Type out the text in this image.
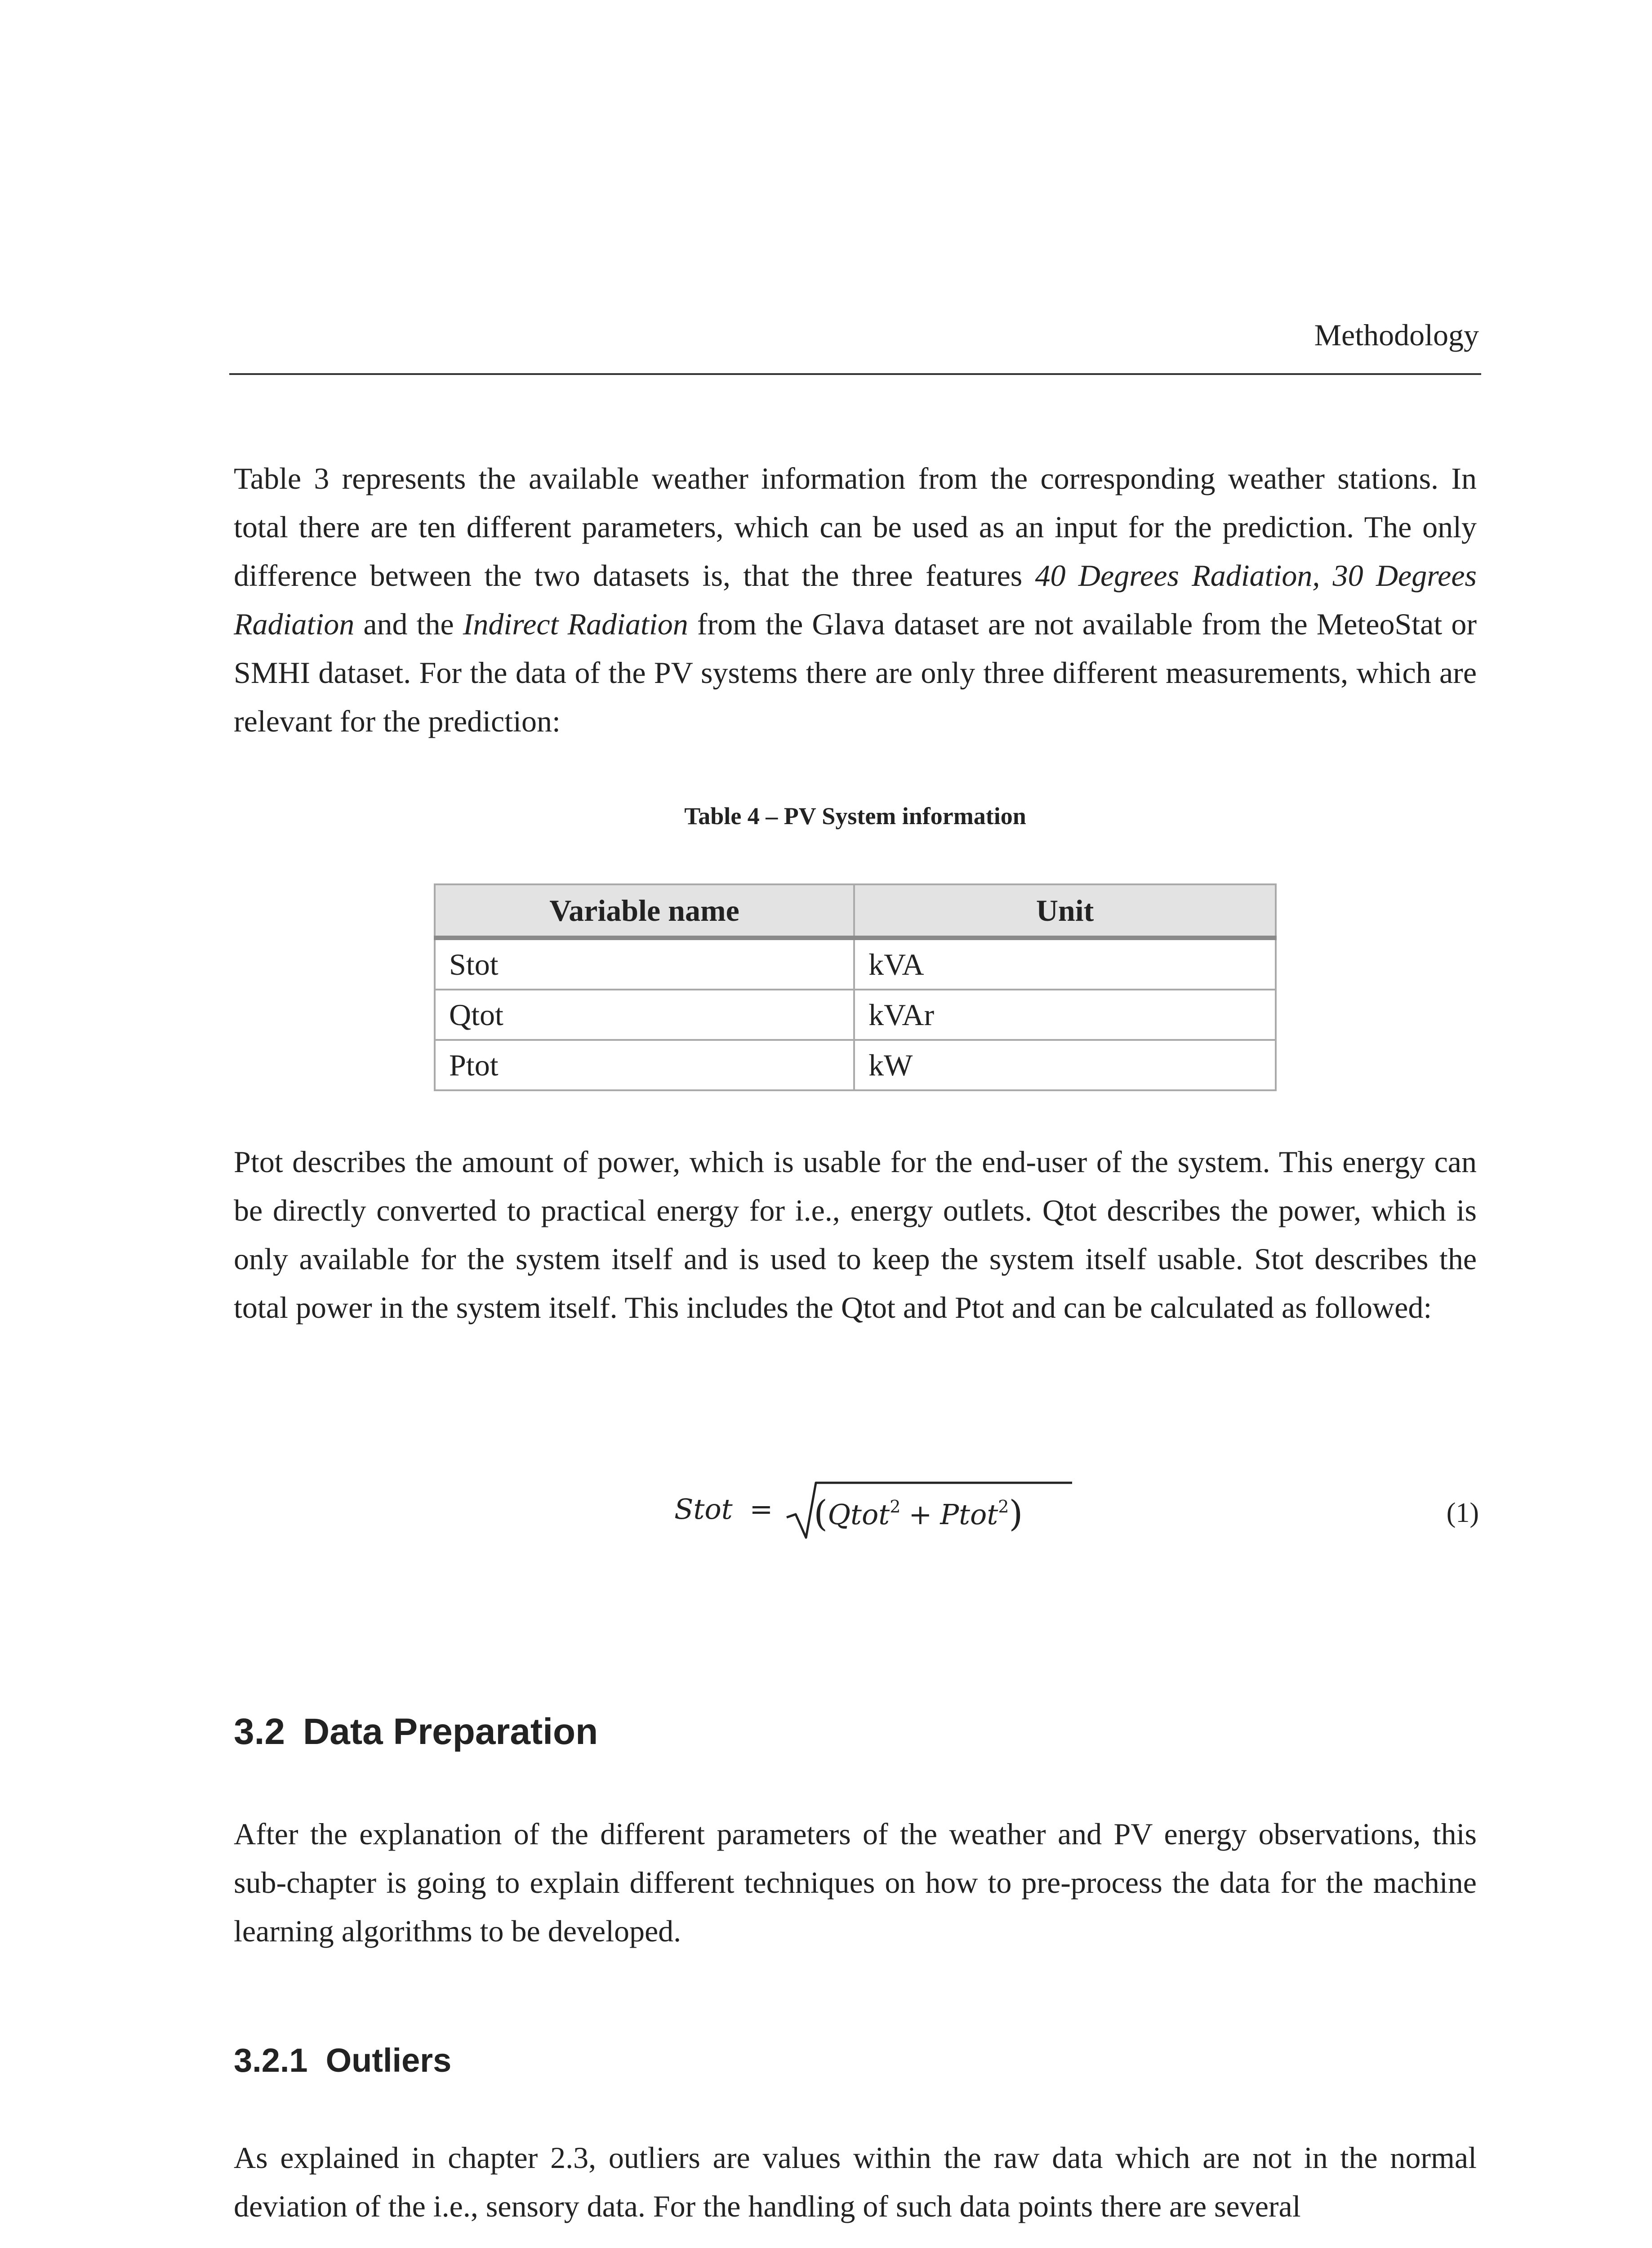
Methodology

Table 3 represents the available weather information from the corresponding weather stations. In total there are ten different parameters, which can be used as an input for the prediction. The only difference between the two datasets is, that the three features 40 Degrees Radiation, 30 Degrees Radiation and the Indirect Radiation from the Glava dataset are not available from the MeteoStat or SMHI dataset. For the data of the PV systems there are only three different measurements, which are relevant for the prediction:

Table 4 – PV System information
Variable name	Unit
Stot	kVA
Qtot	kVAr
Ptot	kW

Ptot describes the amount of power, which is usable for the end-user of the system. This energy can be directly converted to practical energy for i.e., energy outlets. Qtot describes the power, which is only available for the system itself and is used to keep the system itself usable. Stot describes the total power in the system itself. This includes the Qtot and Ptot and can be calculated as followed:

Stot = (Qtot$^2$ + Ptot$^2$)	(1)
3.2 Data Preparation

After the explanation of the different parameters of the weather and PV energy observations, this sub-chapter is going to explain different techniques on how to pre-process the data for the machine learning algorithms to be developed.

3.2.1 Outliers

As explained in chapter 2.3, outliers are values within the raw data which are not in the normal deviation of the i.e., sensory data. For the handling of such data points there are several
